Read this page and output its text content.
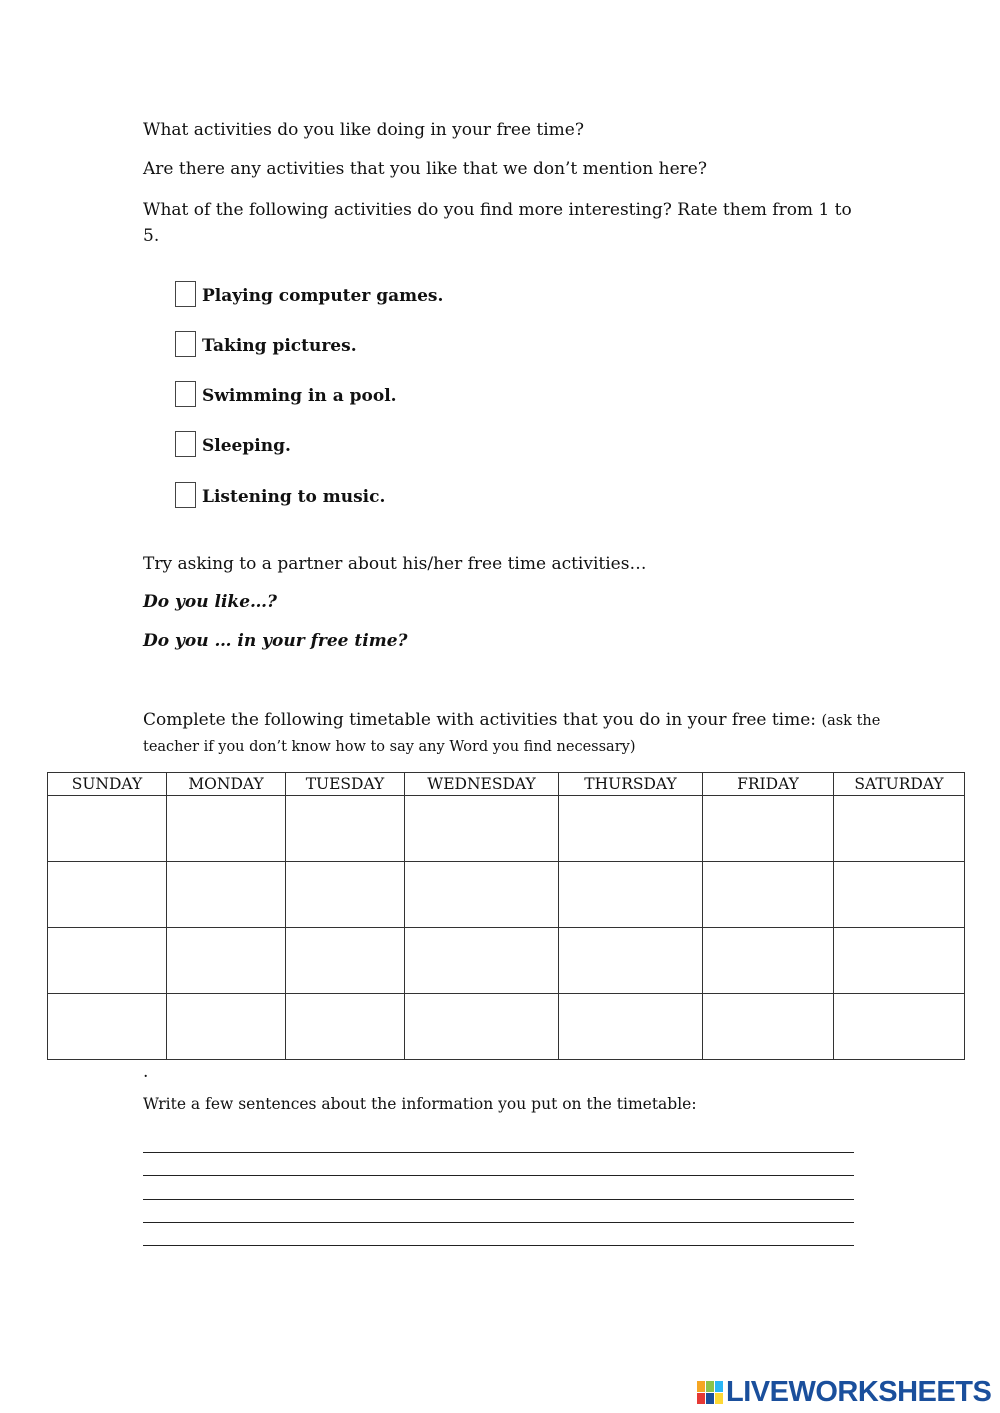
What activities do you like doing in your free time?
Are there any activities that you like that we don’t mention here?
What of the following activities do you find more interesting? Rate them from 1 to 5.
Playing computer games.
Taking pictures.
Swimming in a pool.
Sleeping.
Listening to music.
Try asking to a partner about his/her free time activities…
Do you like…?
Do you … in your free time?
Complete the following timetable with activities that you do in your free time: (ask the teacher if you don’t know how to say any Word you find necessary)
SUNDAY	MONDAY	TUESDAY	WEDNESDAY	THURSDAY	FRIDAY	SATURDAY

.
Write a few sentences about the information you put on the timetable:
LIVEWORKSHEETS
